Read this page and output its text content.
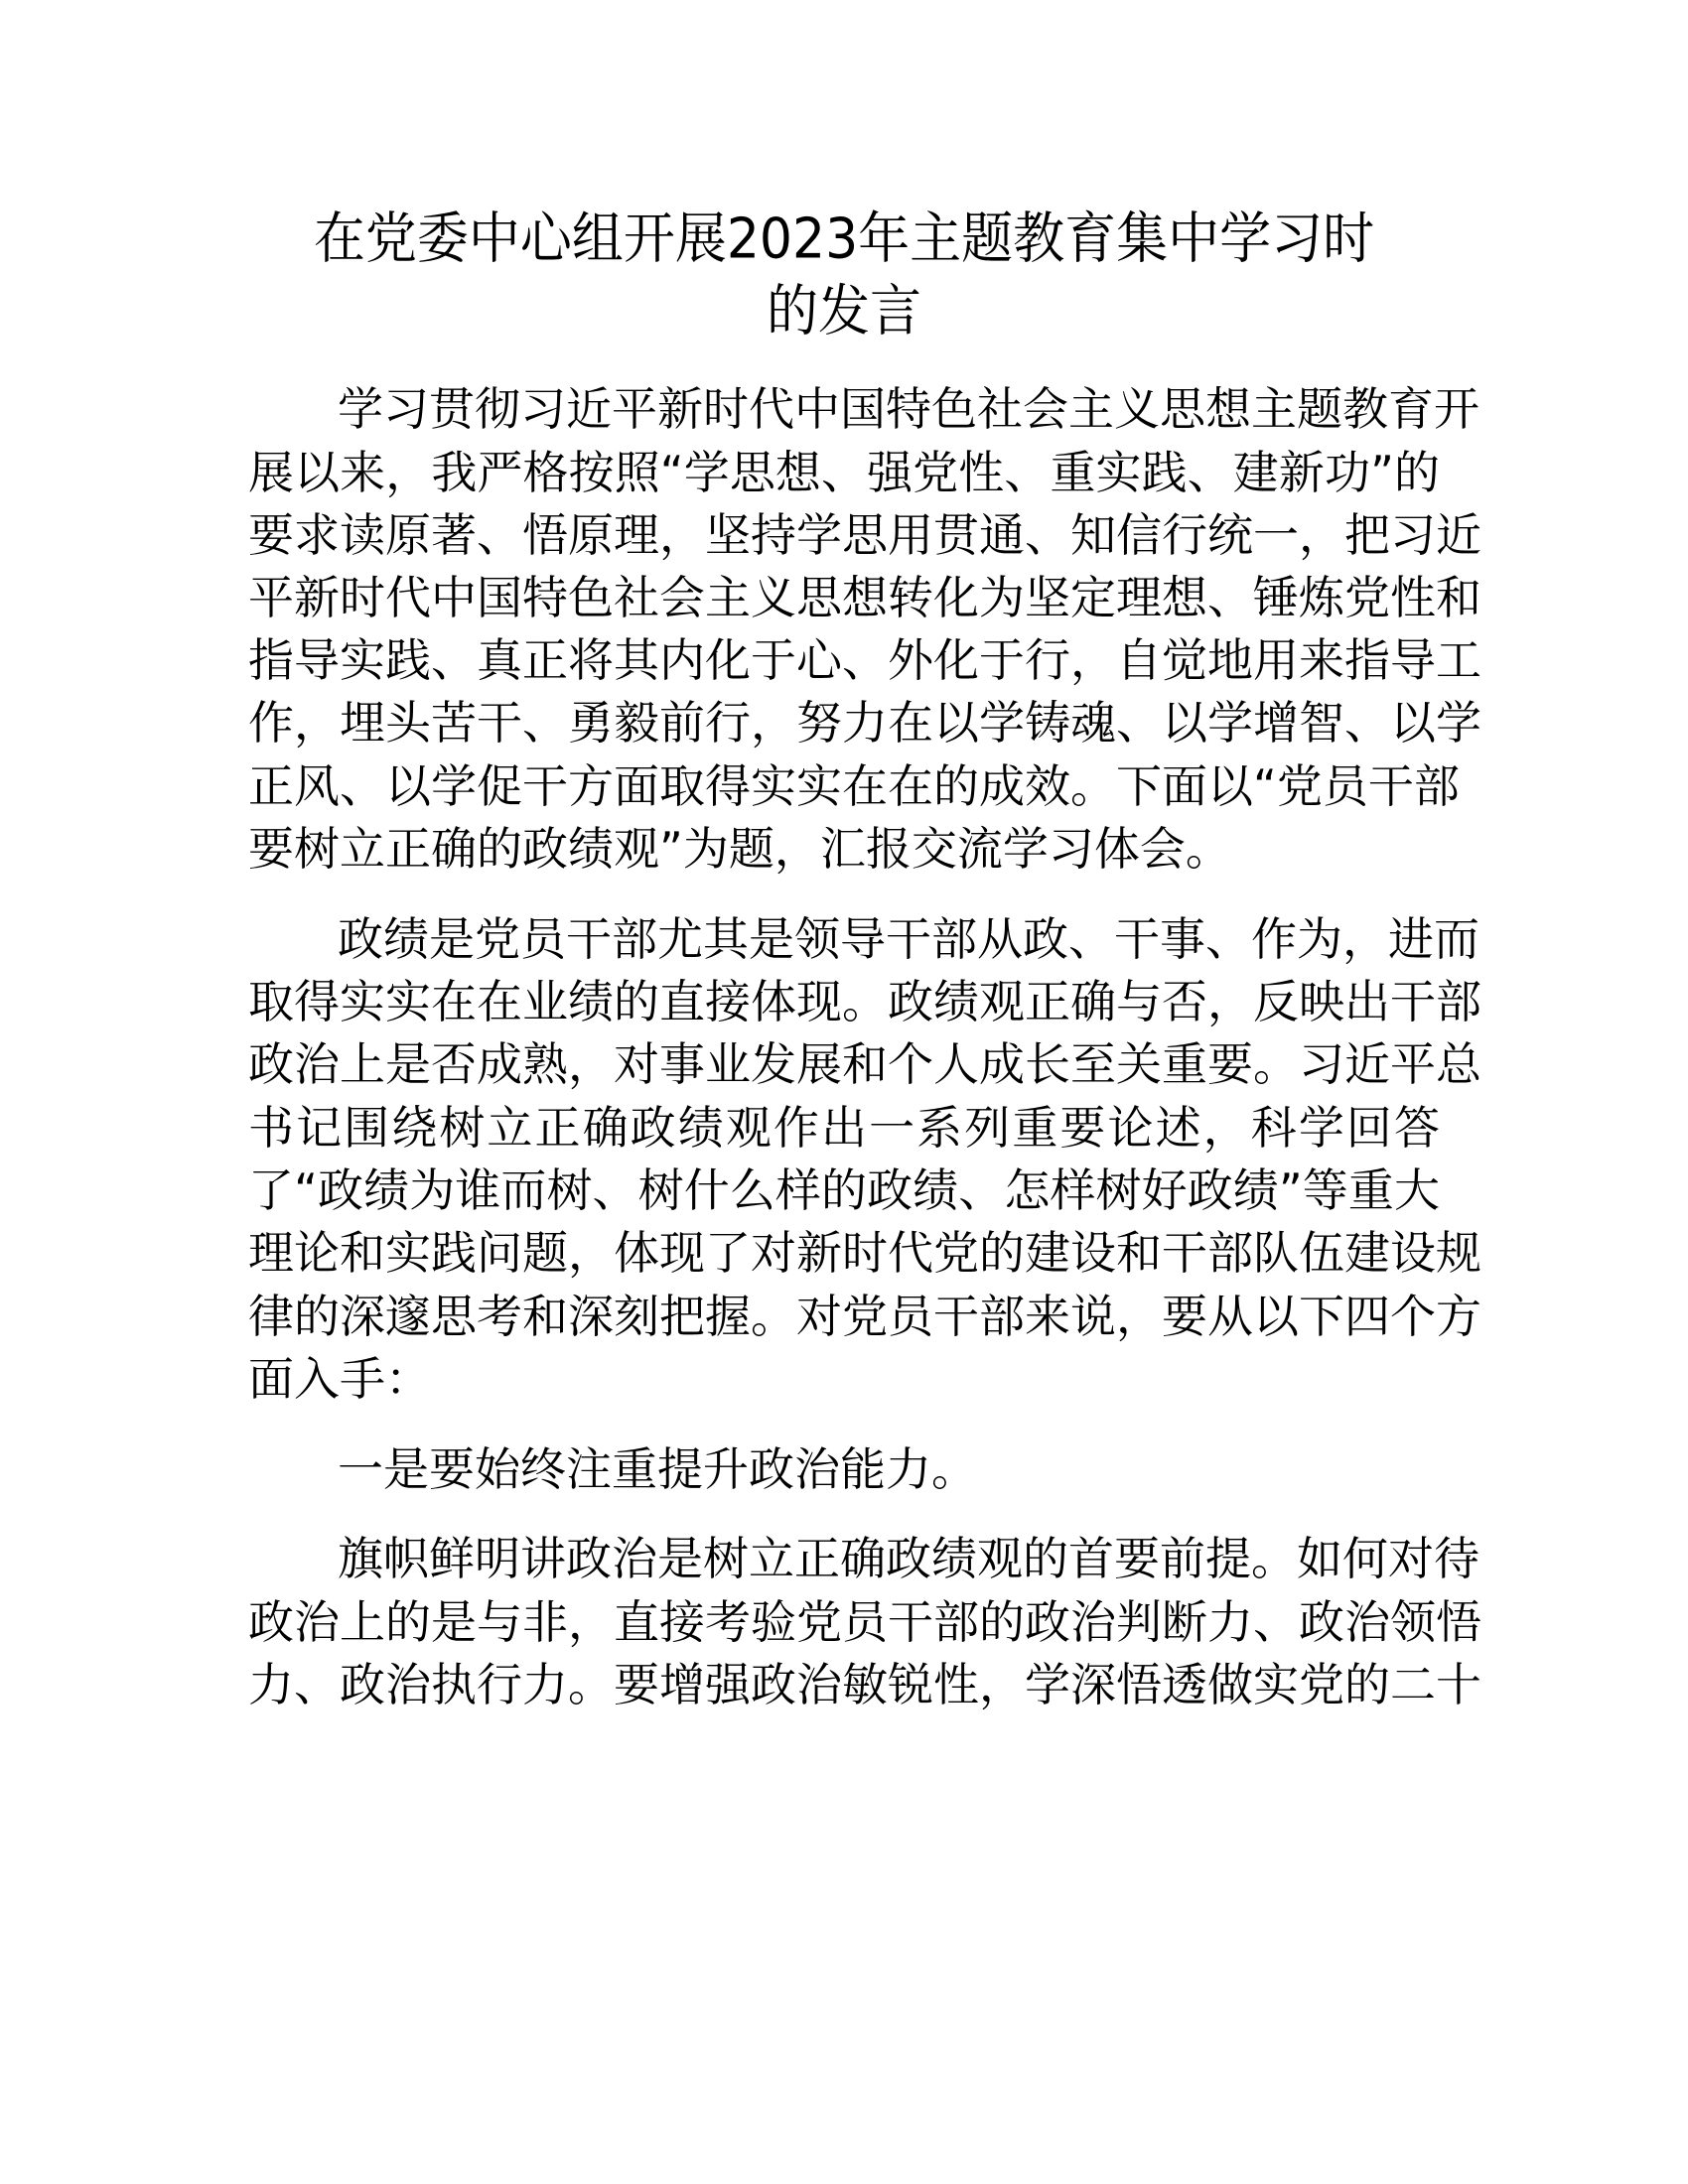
在党委中心组开展2023年主题教育集中学习时
的发言
学习贯彻习近平新时代中国特色社会主义思想主题教育开
展以来，我严格按照“学思想、强党性、重实践、建新功”的
要求读原著、悟原理，坚持学思用贯通、知信行统一，把习近
平新时代中国特色社会主义思想转化为坚定理想、锤炼党性和
指导实践、真正将其内化于心、外化于行，自觉地用来指导工
作，埋头苦干、勇毅前行，努力在以学铸魂、以学增智、以学
正风、以学促干方面取得实实在在的成效。下面以“党员干部
要树立正确的政绩观”为题，汇报交流学习体会。
政绩是党员干部尤其是领导干部从政、干事、作为，进而
取得实实在在业绩的直接体现。政绩观正确与否，反映出干部
政治上是否成熟，对事业发展和个人成长至关重要。习近平总
书记围绕树立正确政绩观作出一系列重要论述，科学回答
了“政绩为谁而树、树什么样的政绩、怎样树好政绩”等重大
理论和实践问题，体现了对新时代党的建设和干部队伍建设规
律的深邃思考和深刻把握。对党员干部来说，要从以下四个方
面入手：
一是要始终注重提升政治能力。
旗帜鲜明讲政治是树立正确政绩观的首要前提。如何对待
政治上的是与非，直接考验党员干部的政治判断力、政治领悟
力、政治执行力。要增强政治敏锐性，学深悟透做实党的二十
